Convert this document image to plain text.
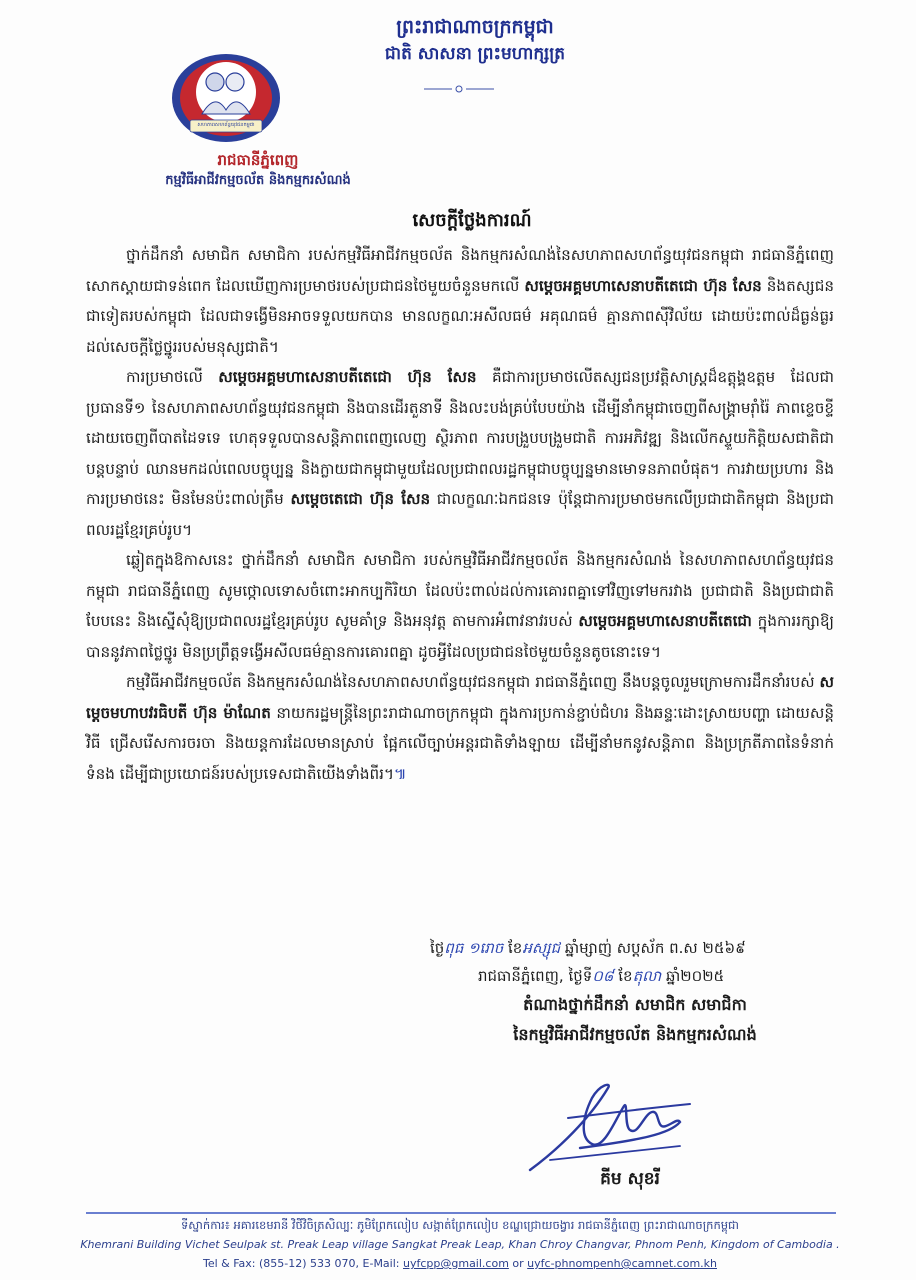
ព្រះរាជាណាចក្រកម្ពុជា
ជាតិ សាសនា ព្រះមហាក្សត្រ
សហភាពសហព័ន្ធយុវជនកម្ពុជា
រាជធានីភ្នំពេញ
កម្មវិធីអាជីវកម្មចល័ត និងកម្មករសំណង់
សេចក្តីថ្លែងការណ៍

ថ្នាក់ដឹកនាំ សមាជិក សមាជិកា របស់កម្មវិធីអាជីវកម្មចល័ត និងកម្មករសំណង់នៃសហភាពសហព័ន្ធយុវជនកម្ពុជា រាជធានីភ្នំពេញ សោកស្តាយជាទន់ពេក ដែលឃើញការប្រមាថរបស់ប្រជាជនថៃមួយចំនួនមកលើ សម្តេចអគ្គមហាសេនាបតីតេជោ ហ៊ុន សែន និងតស្សជនជាទៀតរបស់កម្ពុជា ដែលជាទង្វើមិនអាចទទួលយកបាន មានលក្ខណៈអសីលធម៌ អគុណធម៌ គ្មានភាពស៊ីវិល័យ ដោយប៉ះពាល់ដ៏ធ្ងន់ធ្ងរដល់សេចក្តីថ្លៃថ្នូររបស់មនុស្សជាតិ។

ការប្រមាថលើ សម្តេចអគ្គមហាសេនាបតីតេជោ ហ៊ុន សែន គឺជាការប្រមាថលើតស្សជនប្រវត្តិសាស្ត្រដ៏ឧត្តុង្គឧត្តម ដែលជាប្រធានទី១ នៃសហភាពសហព័ន្ធយុវជនកម្ពុជា និងបានដើរតួនាទី និងលះបង់គ្រប់បែបយ៉ាង ដើម្បីនាំកម្ពុជាចេញពីសង្គ្រាមរ៉ាំរ៉ៃ ភាពខ្ទេចខ្ទី ដោយចេញពីបាតដៃទទេ ហេតុទទួលបានសន្តិភាពពេញលេញ ស្ថិរភាព ការបង្រួបបង្រួមជាតិ ការអភិវឌ្ឍ និងលើកស្ទួយកិត្តិយសជាតិជាបន្តបន្ទាប់ ឈានមកដល់ពេលបច្ចុប្បន្ន និងក្លាយជាកម្ពុជាមួយដែលប្រជាពលរដ្ឋកម្ពុជាបច្ចុប្បន្នមានមោទនភាពបំផុត។ ការវាយប្រហារ និងការប្រមាថនេះ មិនមែនប៉ះពាល់ត្រឹម សម្តេចតេជោ ហ៊ុន សែន ជាលក្ខណៈឯកជនទេ ប៉ុន្តែជាការប្រមាថមកលើប្រជាជាតិកម្ពុជា និងប្រជាពលរដ្ឋខ្មែរគ្រប់រូប។

ឆ្លៀតក្នុងឱកាសនេះ ថ្នាក់ដឹកនាំ សមាជិក សមាជិកា របស់កម្មវិធីអាជីវកម្មចល័ត និងកម្មករសំណង់ នៃសហភាពសហព័ន្ធយុវជនកម្ពុជា រាជធានីភ្នំពេញ សូមថ្កោលទោសចំពោះអាកប្បកិរិយា ដែលប៉ះពាល់ដល់ការគោរពគ្នាទៅវិញទៅមករវាង ប្រជាជាតិ និងប្រជាជាតិបែបនេះ និងស្នើសុំឱ្យប្រជាពលរដ្ឋខ្មែរគ្រប់រូប សូមគាំទ្រ និងអនុវត្ត តាមការអំពាវនាវរបស់ សម្តេចអគ្គមហាសេនាបតីតេជោ ក្នុងការរក្សាឱ្យបាននូវភាពថ្លៃថ្នូរ មិនប្រព្រឹត្តទង្វើអសីលធម៌គ្មានការគោរពគ្នា ដូចអ្វីដែលប្រជាជនថៃមួយចំនួនតូចនោះទេ។

កម្មវិធីអាជីវកម្មចល័ត និងកម្មករសំណង់នៃសហភាពសហព័ន្ធយុវជនកម្ពុជា រាជធានីភ្នំពេញ នឹងបន្តចូលរួមក្រោមការដឹកនាំរបស់ សម្តេចមហាបវរធិបតី ហ៊ុន ម៉ាណែត នាយករដ្ឋមន្ត្រីនៃព្រះរាជាណាចក្រកម្ពុជា ក្នុងការប្រកាន់ខ្ជាប់ជំហរ និងឆន្ទៈដោះស្រាយបញ្ហា ដោយសន្តិវិធី ជ្រើសរើសការចរចា និងយន្តការដែលមានស្រាប់ ផ្អែកលើច្បាប់អន្តរជាតិទាំងឡាយ ដើម្បីនាំមកនូវសន្តិភាព និងប្រក្រតីភាពនៃទំនាក់ទំនង ដើម្បីជាប្រយោជន៍របស់ប្រទេសជាតិយើងទាំងពីរ។៕

ថ្ងៃពុធ ១រោច ខែអស្សុជ ឆ្នាំម្សាញ់ សប្តស័ក ព.ស ២៥៦៩
រាជធានីភ្នំពេញ, ថ្ងៃទី០៨ ខែតុលា ឆ្នាំ២០២៥
តំណាងថ្នាក់ដឹកនាំ សមាជិក សមាជិកា
នៃកម្មវិធីអាជីវកម្មចល័ត និងកម្មករសំណង់
គីម សុខរី
ទីស្នាក់ការ៖ អគារខេមរានី វិថីវិចិត្រសិល្បៈ ភូមិព្រែកលៀប សង្កាត់ព្រែកលៀប ខណ្ឌជ្រោយចង្វារ រាជធានីភ្នំពេញ ព្រះរាជាណាចក្រកម្ពុជា
Khemrani Building Vichet Seulpak st. Preak Leap village Sangkat Preak Leap, Khan Chroy Changvar, Phnom Penh, Kingdom of Cambodia .
Tel & Fax: (855-12) 533 070, E-Mail: uyfcpp@gmail.com or uyfc-phnompenh@camnet.com.kh
